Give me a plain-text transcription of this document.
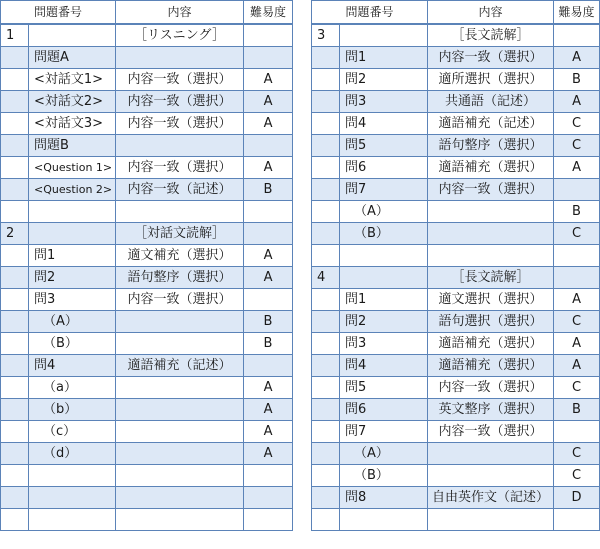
問題番号		内容	難易度
1		［リスニング］	
	問題A		
	<対話文1>	内容一致（選択）	A
	<対話文2>	内容一致（選択）	A
	<対話文3>	内容一致（選択）	A
	問題B		
	<Question 1>	内容一致（選択）	A
	<Question 2>	内容一致（記述）	B

2		［対話文読解］	
	問1	適文補充（選択）	A
	問2	語句整序（選択）	A
	問3	内容一致（選択）	
	（A）		B
	（B）		B
	問4	適語補充（記述）	
	（a）		A
	（b）		A
	（c）		A
	（d）		A

問題番号		内容	難易度
3		［長文読解］	
	問1	内容一致（選択）	A
	問2	適所選択（選択）	B
	問3	共通語（記述）	A
	問4	適語補充（記述）	C
	問5	語句整序（選択）	C
	問6	適語補充（選択）	A
	問7	内容一致（選択）	
	（A）		B
	（B）		C

4		［長文読解］	
	問1	適文選択（選択）	A
	問2	語句選択（選択）	C
	問3	適語補充（選択）	A
	問4	適語補充（選択）	A
	問5	内容一致（選択）	C
	問6	英文整序（選択）	B
	問7	内容一致（選択）	
	（A）		C
	（B）		C
	問8	自由英作文（記述）	D
